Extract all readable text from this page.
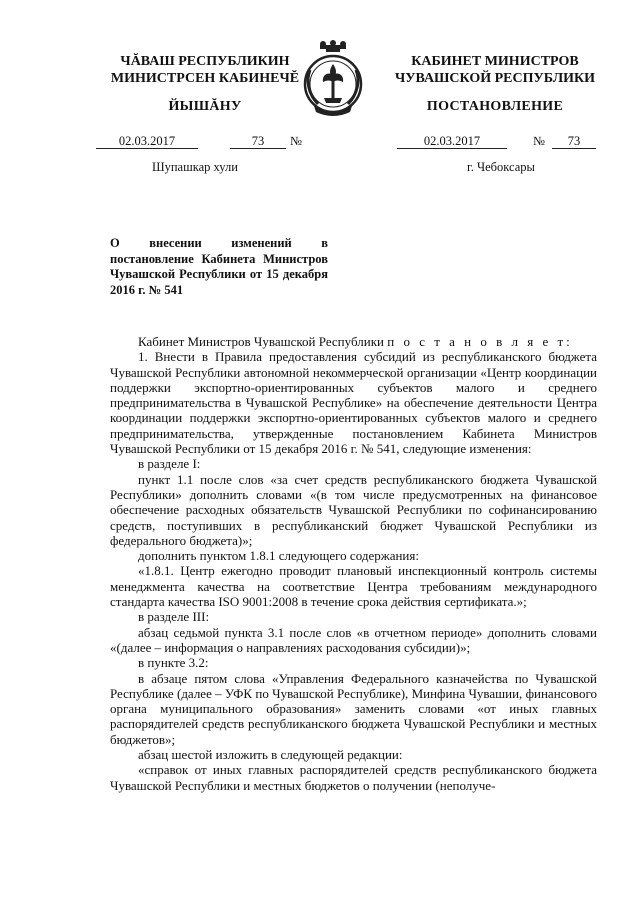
ЧĂВАШ РЕСПУБЛИКИН
МИНИСТРСЕН КАБИНЕЧĔ
ЙЫШĂНУ
КАБИНЕТ МИНИСТРОВ
ЧУВАШСКОЙ РЕСПУБЛИКИ
ПОСТАНОВЛЕНИЕ
02.03.2017	73	№	02.03.2017	№	73
Шупашкар хули	г. Чебоксары
О внесении изменений в постановление Кабинета Министров Чувашской Республики от 15 декабря 2016 г. № 541

Кабинет Министров Чувашской Республики п о с т а н о в л я е т:

1. Внести в Правила предоставления субсидий из республиканского бюджета Чувашской Республики автономной некоммерческой организации «Центр координации поддержки экспортно-ориентированных субъектов малого и среднего предпринимательства в Чувашской Республике» на обеспечение деятельности Центра координации поддержки экспортно-ориентированных субъектов малого и среднего предпринимательства, утвержденные постановлением Кабинета Министров Чувашской Республики от 15 декабря 2016 г. № 541, следующие изменения:

в разделе I:

пункт 1.1 после слов «за счет средств республиканского бюджета Чувашской Республики» дополнить словами «(в том числе предусмотренных на финансовое обеспечение расходных обязательств Чувашской Республики по софинансированию средств, поступивших в республиканский бюджет Чувашской Республики из федерального бюджета)»;

дополнить пунктом 1.8.1 следующего содержания:

«1.8.1. Центр ежегодно проводит плановый инспекционный контроль системы менеджмента качества на соответствие Центра требованиям международного стандарта качества ISO 9001:2008 в течение срока действия сертификата.»;

в разделе III:

абзац седьмой пункта 3.1 после слов «в отчетном периоде» дополнить словами «(далее – информация о направлениях расходования субсидии)»;

в пункте 3.2:

в абзаце пятом слова «Управления Федерального казначейства по Чувашской Республике (далее – УФК по Чувашской Республике), Минфина Чувашии, финансового органа муниципального образования» заменить словами «от иных главных распорядителей средств республиканского бюджета Чувашской Республики и местных бюджетов»;

абзац шестой изложить в следующей редакции:

«справок от иных главных распорядителей средств республиканского бюджета Чувашской Республики и местных бюджетов о получении (неполуче-
